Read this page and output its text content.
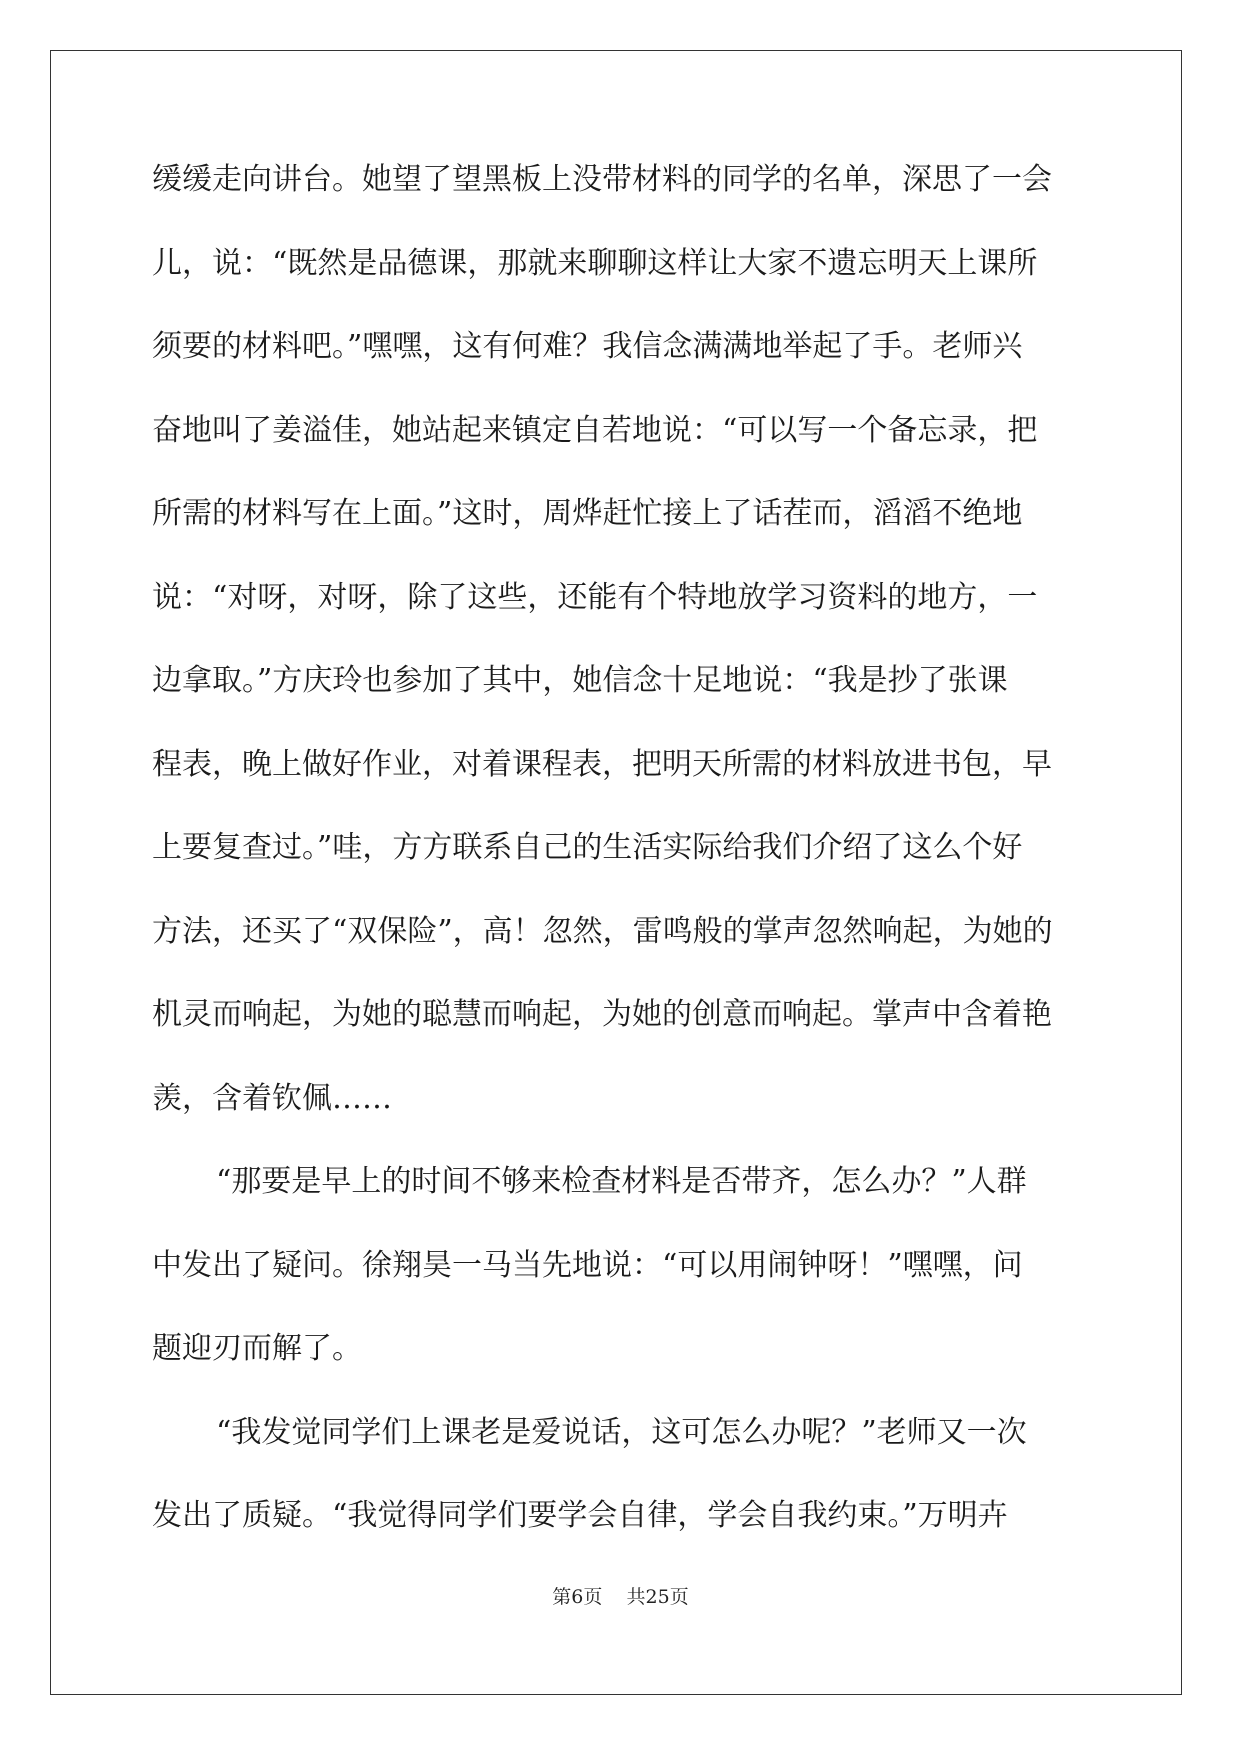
缓缓走向讲台。她望了望黑板上没带材料的同学的名单，深思了一会
儿，说：“既然是品德课，那就来聊聊这样让大家不遗忘明天上课所
须要的材料吧。”嘿嘿，这有何难？我信念满满地举起了手。老师兴
奋地叫了姜溢佳，她站起来镇定自若地说：“可以写一个备忘录，把
所需的材料写在上面。”这时，周烨赶忙接上了话茬而，滔滔不绝地
说：“对呀，对呀，除了这些，还能有个特地放学习资料的地方，一
边拿取。”方庆玲也参加了其中，她信念十足地说：“我是抄了张课
程表，晚上做好作业，对着课程表，把明天所需的材料放进书包，早
上要复查过。”哇，方方联系自己的生活实际给我们介绍了这么个好
方法，还买了“双保险”，高！忽然，雷鸣般的掌声忽然响起，为她的
机灵而响起，为她的聪慧而响起，为她的创意而响起。掌声中含着艳
羡，含着钦佩……
“那要是早上的时间不够来检查材料是否带齐，怎么办？”人群
中发出了疑问。徐翔昊一马当先地说：“可以用闹钟呀！”嘿嘿，问
题迎刃而解了。
“我发觉同学们上课老是爱说话，这可怎么办呢？”老师又一次
发出了质疑。“我觉得同学们要学会自律，学会自我约束。”万明卉
第6页 共25页
